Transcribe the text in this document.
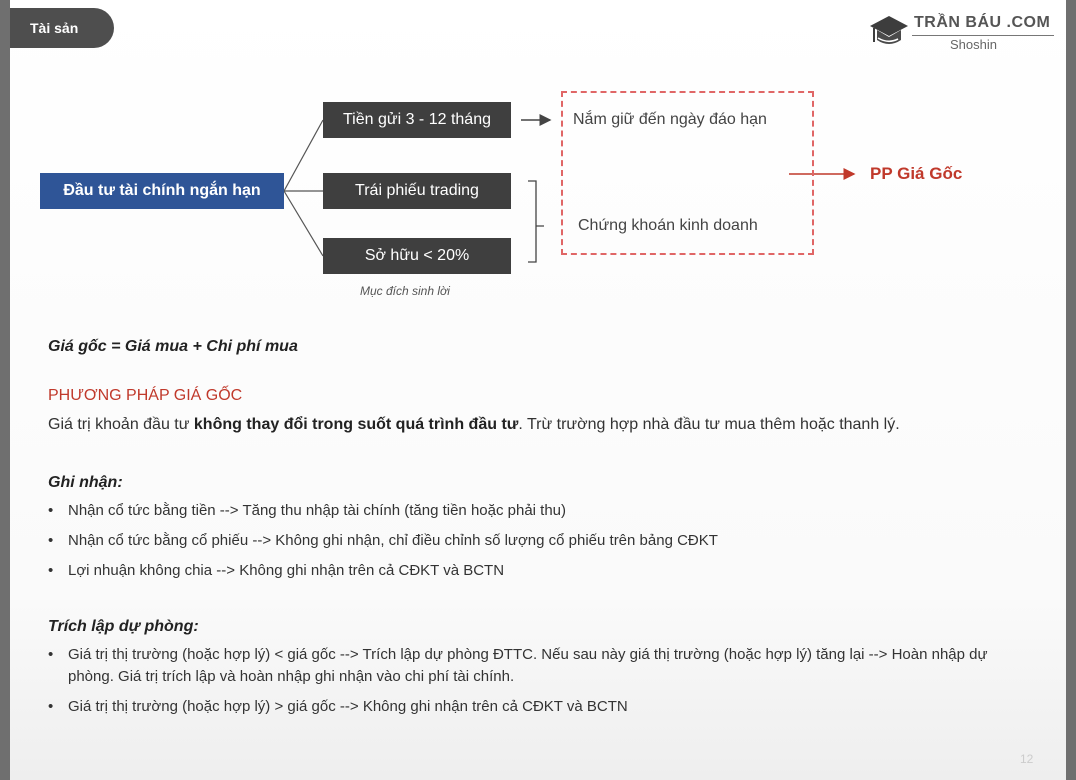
Tài sản	TRẦN BÁU .COM
Shoshin
Đầu tư tài chính ngắn hạn
Tiền gửi 3 - 12 tháng
Trái phiếu trading
Sở hữu < 20%
Mục đích sinh lời
Nắm giữ đến ngày đáo hạn
Chứng khoán kinh doanh
PP Giá Gốc
Giá gốc = Giá mua + Chi phí mua
PHƯƠNG PHÁP GIÁ GỐC
Giá trị khoản đầu tư không thay đổi trong suốt quá trình đầu tư. Trừ trường hợp nhà đầu tư mua thêm hoặc thanh lý.
Ghi nhận:
• Nhận cổ tức bằng tiền --> Tăng thu nhập tài chính (tăng tiền hoặc phải thu)
• Nhận cổ tức bằng cổ phiếu --> Không ghi nhận, chỉ điều chỉnh số lượng cổ phiếu trên bảng CĐKT
• Lợi nhuận không chia --> Không ghi nhận trên cả CĐKT và BCTN
Trích lập dự phòng:
• Giá trị thị trường (hoặc hợp lý) < giá gốc --> Trích lập dự phòng ĐTTC. Nếu sau này giá thị trường (hoặc hợp lý) tăng lại --> Hoàn nhập dự phòng. Giá trị trích lập và hoàn nhập ghi nhận vào chi phí tài chính.
• Giá trị thị trường (hoặc hợp lý) > giá gốc --> Không ghi nhận trên cả CĐKT và BCTN
12
